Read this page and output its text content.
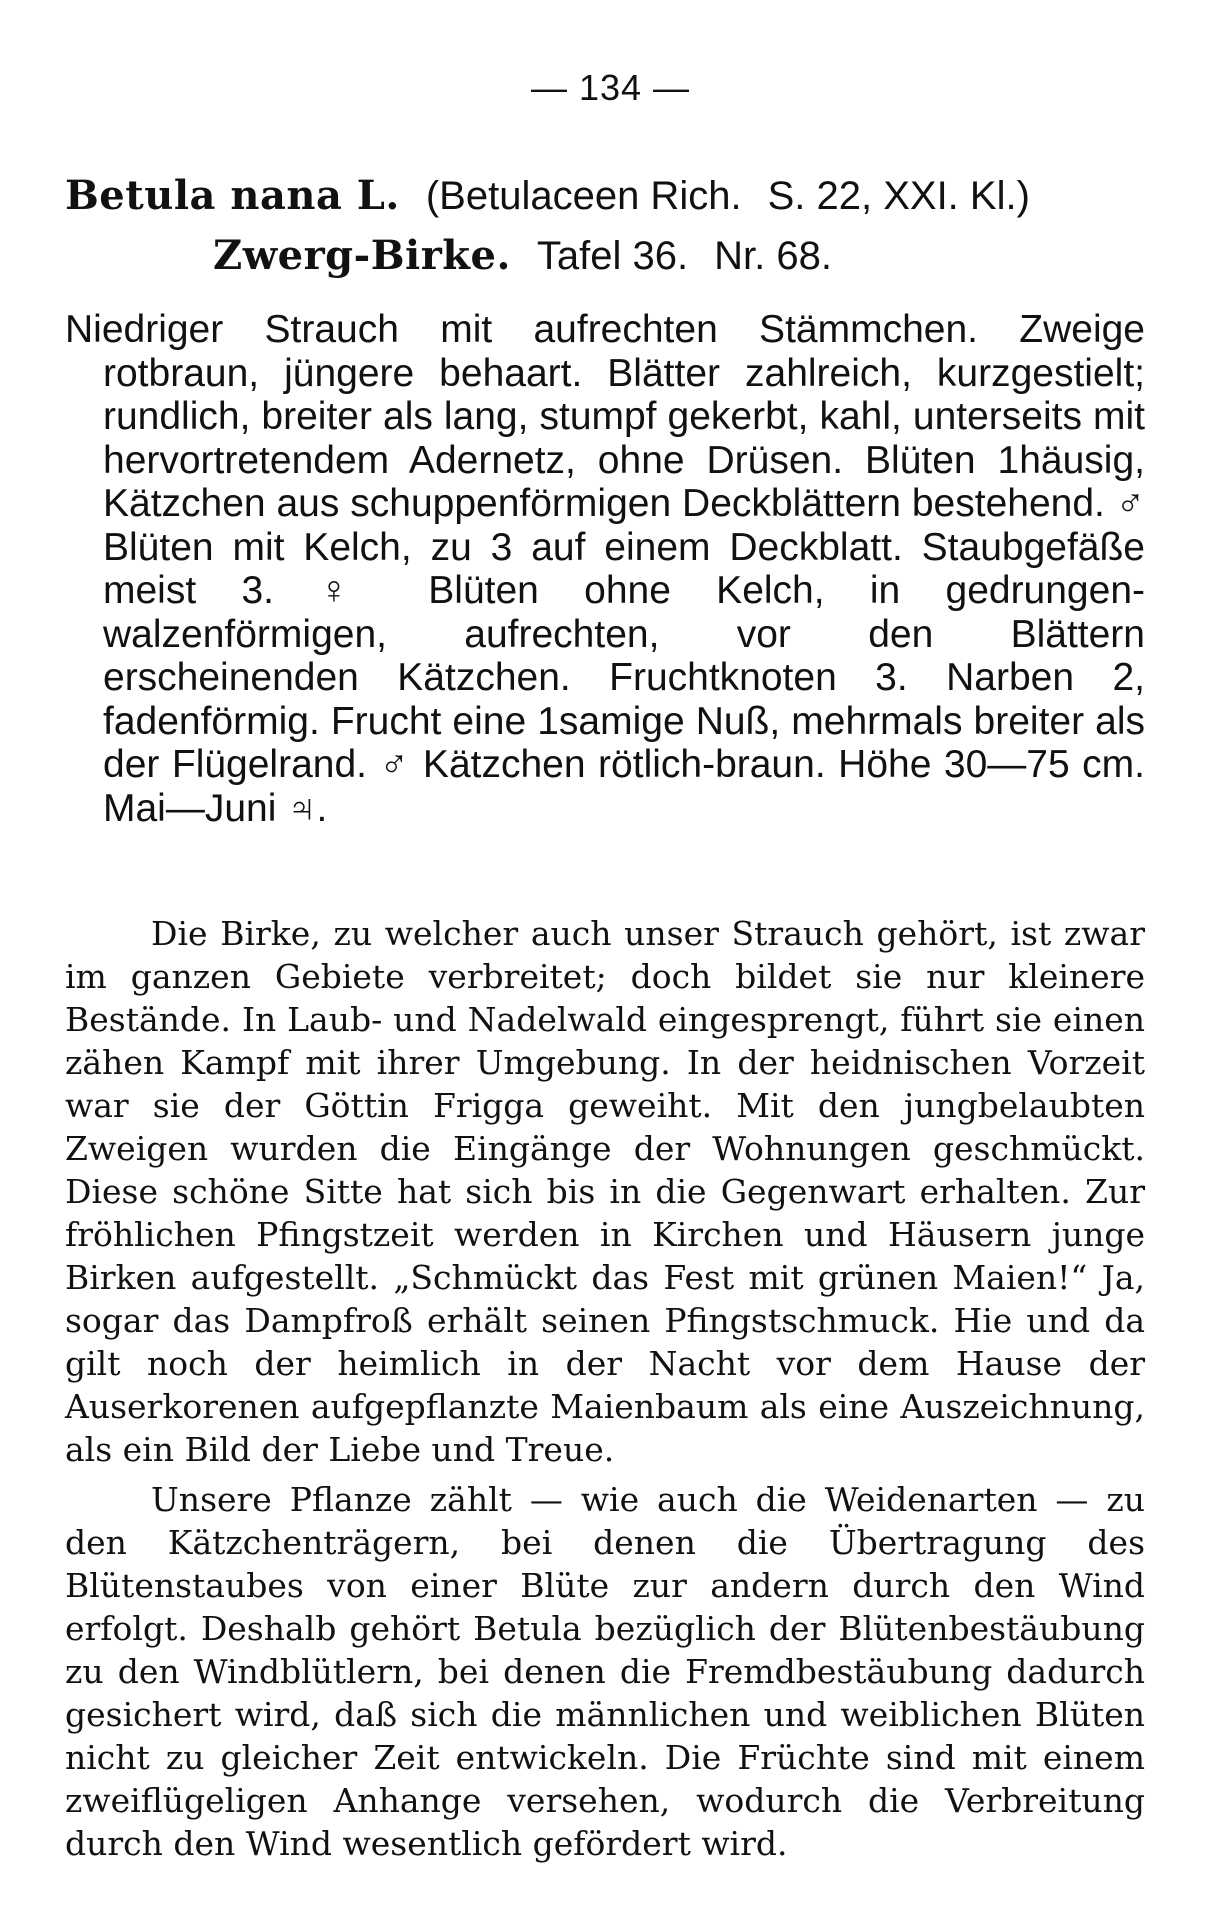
— 134 —
Betula nana L. (Betulaceen Rich. S. 22, XXI. Kl.)
Zwerg-Birke. Tafel 36. Nr. 68.

Niedriger Strauch mit aufrechten Stämmchen. Zweige rotbraun, jüngere behaart. Blätter zahlreich, kurzgestielt; rundlich, breiter als lang, stumpf gekerbt, kahl, unterseits mit hervortretendem Adernetz, ohne Drüsen. Blüten 1häusig, Kätzchen aus schuppenförmigen Deckblättern bestehend. ♂ Blüten mit Kelch, zu 3 auf einem Deckblatt. Staubgefäße meist 3. ♀ Blüten ohne Kelch, in gedrungen-walzenförmigen, aufrechten, vor den Blättern erscheinenden Kätzchen. Fruchtknoten 3. Narben 2, fadenförmig. Frucht eine 1samige Nuß, mehrmals breiter als der Flügelrand. ♂ Kätzchen rötlich-braun. Höhe 30—75 cm. Mai—Juni ♃.

Die Birke, zu welcher auch unser Strauch gehört, ist zwar im ganzen Gebiete verbreitet; doch bildet sie nur kleinere Bestände. In Laub- und Nadelwald eingesprengt, führt sie einen zähen Kampf mit ihrer Umgebung. In der heidnischen Vorzeit war sie der Göttin Frigga geweiht. Mit den jungbelaubten Zweigen wurden die Eingänge der Wohnungen geschmückt. Diese schöne Sitte hat sich bis in die Gegenwart erhalten. Zur fröhlichen Pfingstzeit werden in Kirchen und Häusern junge Birken aufgestellt. „Schmückt das Fest mit grünen Maien!“ Ja, sogar das Dampfroß erhält seinen Pfingstschmuck. Hie und da gilt noch der heimlich in der Nacht vor dem Hause der Auserkorenen aufgepflanzte Maienbaum als eine Auszeichnung, als ein Bild der Liebe und Treue.

Unsere Pflanze zählt — wie auch die Weidenarten — zu den Kätzchenträgern, bei denen die Übertragung des Blütenstaubes von einer Blüte zur andern durch den Wind erfolgt. Deshalb gehört Betula bezüglich der Blütenbestäubung zu den Windblütlern, bei denen die Fremdbestäubung dadurch gesichert wird, daß sich die männlichen und weiblichen Blüten nicht zu gleicher Zeit entwickeln. Die Früchte sind mit einem zweiflügeligen Anhange versehen, wodurch die Verbreitung durch den Wind wesentlich gefördert wird.
